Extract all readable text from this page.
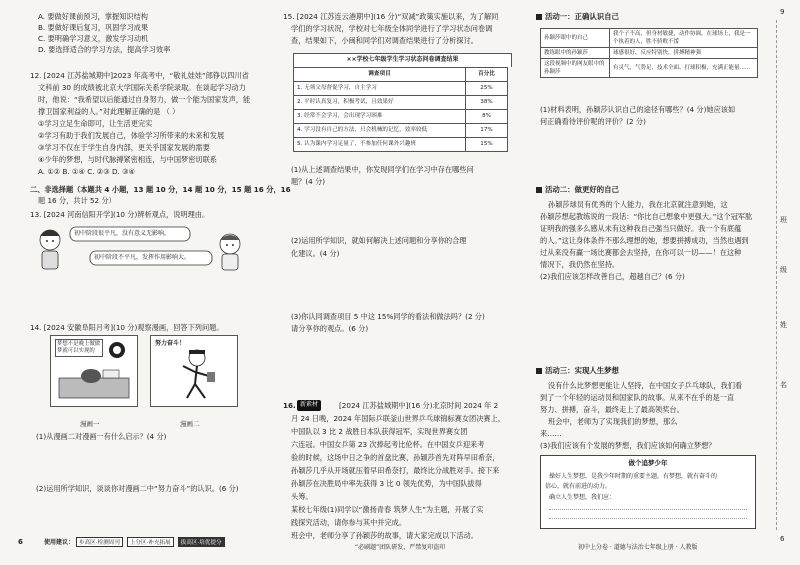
A. 要做好课前预习，掌握知识结构
B. 要做好课后复习，巩固学习成果
C. 要明确学习意义，激发学习动机
D. 要选择适合的学习方法，提高学习效率
12. [2024 江苏盐城期中]2023 年高考中，“敬礼娃娃”郎铮以四川省
文科前 30 的成绩被北京大学国际关系学院录取。在谈起学习动力
时，他说：“我希望以后能通过自身努力，做一个能为国家发声，能
撑卫国家利益的人。”对此理解正确的是 （ ）
①学习立足生命即可，让生活更完实
②学习有助于我们发展自己，体验学习所带来的未来和发展
③学习不仅在于学生自身内部，更关乎国家发展的需要
④少年的梦想，与时代脉搏紧密相连，与中国梦密切联系
A. ①② B. ①④ C. ②③ D. ③④
二、非选择题（本题共 4 小题，13 题 10 分，14 题 10 分，15 题 16 分，16
题 16 分，共计 52 分）
13. [2024 河南信阳开学](10 分)辨析观点，说明理由。
初中阶段很平凡，没有意义无影响。
初中阶段不平凡，发挥作用影响大。
14. [2024 安徽阜阳月考](10 分)观察漫画，回答下列问题。
梦想不是晚上做做梦就可以实现的
努力奋斗！
漫画一	漫画二
(1)从漫画二对漫画一有什么启示？(4 分)
(2)运用所学知识，谈谈你对漫画二中“努力奋斗”的认识。(6 分)
6	使用建议： 步高区·检测周刊 上分区·补充拓展 拔高区·培优提分
15. [2024 江苏连云港期中](16 分)“双减”政策实施以来，为了解同
学们的学习状况，学校对七年级全体同学进行了学习状态问卷调
查，结果如下，小闽和同学们对调查结果进行了分析探讨。
××学校七年级学生学习状态问卷调查结果
调查项目	百分比
1. 无须父母督促学习，自主学习	25%
2. 平时认真复习，积极考试，且效果好	38%
3. 经常不会学习，会出现学习困难	8%
4. 学习没有自己的方法，只会机械的记忆，效率较低	17%
5. 认为课内学习足量了，不参加任何课外兴趣班	15%
(1)从上述调查结果中，你发现同学们在学习中存在哪些问
题？(4 分)
(2)运用所学知识，就如何解决上述问题和分享你的合理
化建议。(4 分)
(3)你认同调查项目 5 中这 15%同学的看法和做法吗？(2 分)
请分享你的观点。(6 分)
16. 新素材	[2024 江苏盐城期中](16 分)北京时间 2024 年 2
月 24 日晚，2024 年国际乒联釜山世界乒乓球锦标赛女团决赛上，
中国队以 3 比 2 战胜日本队获得冠军，实现世界赛女团
六连冠。中国女乒第 23 次捧起考比伦杯。在中国女乒迎来考
验的时候，这场中日之争的首盘比赛，孙颖莎首先对阵早田希奈，
孙颖莎几乎从开场就压着早田希奈打，最终比分战胜对手。接下来
孙颖莎在决胜局中率先获得 3 比 0 领先优势，为中国队拔得
头筹。
某校七年级(1)同学以“激扬青春 筑梦人生”为主题，开展了实
践探究活动，请你参与其中并完成。
班会中，老师分享了孙颖莎的故事，请大家完成以下活动。
“必刷题”团队研发，严禁复印盗印
活动一：正确认识自己
孙颖莎眼中的自己	我个子不高，但身材敏捷，动作协调，在球场上，我是一个执着的人，胜不骄败不馁
教练眼中的孙颖莎	球感很好，反应特别快，拼搏精神强
这段视频中的网友眼中的孙颖莎	有灵气、气势足、技术全面、打球积极，充满正能量……
(1)材料表明，孙颖莎认识自己的途径有哪些？(4 分)她应该如
何正确看待评价呢的评价？(2 分)
活动二：做更好的自己
孙颖莎球员有优秀的个人能力，我在北京就注意到她，这
孙颖莎想起教练说的一段话：“你比自己想象中更强大。”这个冠军肱
证明我的强多么感从未有这种我自己强当只做好。我一个有底蕴
的人。”这让身体条件不那么理想的她，想要拼搏成功，当然也遇到
过从来没有赢一场比赛都会去坚持，在你可以一切——！在这种
情况下，我仍然在坚持。
(2)我们应该怎样改善自己，超越自己？(6 分)
活动三：实现人生梦想
没有什么比梦想更能让人坚持，在中国女子乒乓球队，我们看
到了一个年轻的运动员和国家队的故事。从来不在乎的是一直
努力、拼搏，奋斗，最终走上了最高领奖台。
班会中，老师为了实现我们的梦想，那么
来……
(3)我们应该有个发展的梦想，我们应该如何确立梦想？
做个追梦少年
操好人生梦想，是我少年时期的重要主题。有梦想，就有奋斗的
信心，就有前进的动力。
确立人生梦想，我们应：
初中上分卷 · 道德与法治七年级上册 · 人教版
9
班
级
姓
名
6
